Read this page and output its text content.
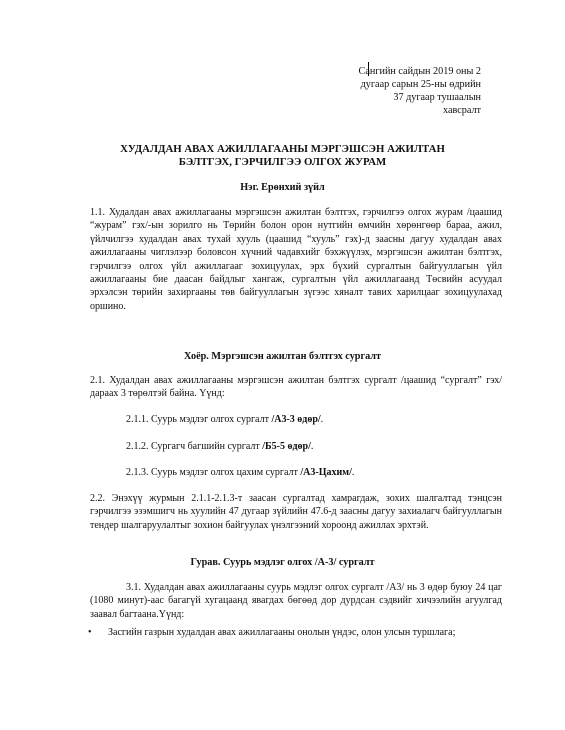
Сангийн сайдын 2019 оны 2
дугаар сарын 25-ны өдрийн
37 дугаар тушаалын
хавсралт
ХУДАЛДАН АВАХ АЖИЛЛАГААНЫ МЭРГЭШСЭН АЖИЛТАН
БЭЛТГЭХ, ГЭРЧИЛГЭЭ ОЛГОХ ЖУРАМ
Нэг. Ерөнхий зүйл
1.1. Худалдан авах ажиллагааны мэргэшсэн ажилтан бэлтгэх, гэрчилгээ олгох журам /цаашид “журам” гэх/-ын зорилго нь Төрийн болон орон нутгийн өмчийн хөрөнгөөр бараа, ажил, үйлчилгээ худалдан авах тухай хууль (цаашид “хууль” гэх)-д заасны дагуу худалдан авах ажиллагааны чиглэлээр боловсон хүчний чадавхийг бэхжүүлэх, мэргэшсэн ажилтан бэлтгэх, гэрчилгээ олгох үйл ажиллагааг зохицуулах, эрх бүхий сургалтын байгууллагын үйл ажиллагааны бие даасан байдлыг хангаж, сургалтын үйл ажиллагаанд Төсвийн асуудал эрхэлсэн төрийн захиргааны төв байгууллагын зүгээс хяналт тавих харилцааг зохицуулахад оршино.
Хоёр. Мэргэшсэн ажилтан бэлтгэх сургалт
2.1. Худалдан авах ажиллагааны мэргэшсэн ажилтан бэлтгэх сургалт /цаашид “сургалт” гэх/ дараах 3 төрөлтэй байна. Үүнд:
2.1.1. Суурь мэдлэг олгох сургалт /А3-3 өдөр/.
2.1.2. Сургагч багшийн сургалт /Б5-5 өдөр/.
2.1.3. Суурь мэдлэг олгох цахим сургалт /А3-Цахим/.
2.2. Энэхүү журмын 2.1.1-2.1.3-т заасан сургалтад хамрагдаж, зохих шалгалтад тэнцсэн гэрчилгээ эзэмшигч нь хуулийн 47 дугаар зүйлийн 47.6-д заасны дагуу захиалагч байгууллагын тендер шалгаруулалтыг зохион байгуулах үнэлгээний хороонд ажиллах эрхтэй.
Гурав. Суурь мэдлэг олгох /А-3/ сургалт
3.1. Худалдан авах ажиллагааны суурь мэдлэг олгох сургалт /А3/ нь 3 өдөр буюу 24 цаг (1080 минут)-аас багагүй хугацаанд явагдах бөгөөд дор дурдсан сэдвийг хичээлийн агуулгад заавал багтаана.Үүнд:
• Засгийн газрын худалдан авах ажиллагааны онолын үндэс, олон улсын туршлага;
